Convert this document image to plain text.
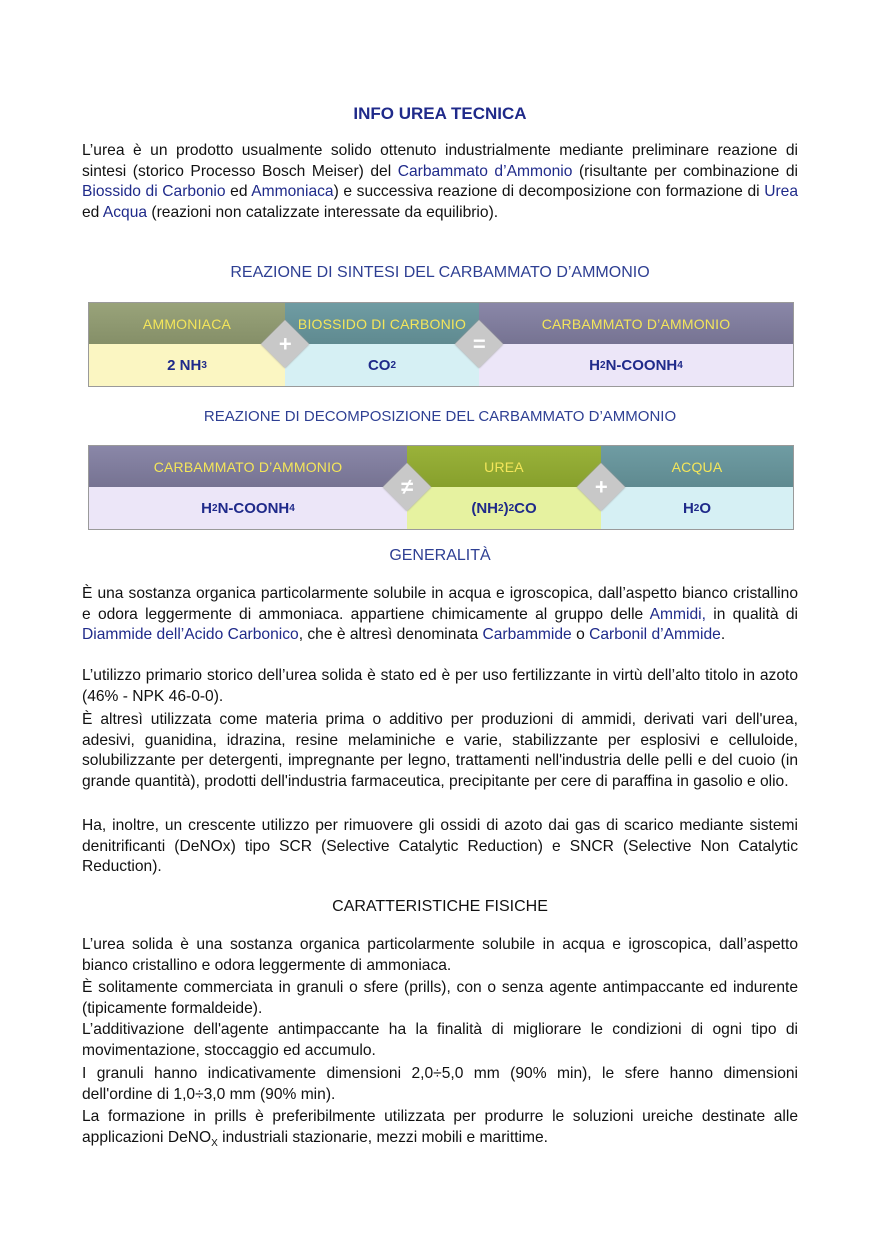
INFO UREA TECNICA

L’urea è un prodotto usualmente solido ottenuto industrialmente mediante preliminare reazione di sintesi (storico Processo Bosch Meiser) del Carbammato d’Ammonio (risultante per combinazione di Biossido di Carbonio ed Ammoniaca) e successiva reazione di decomposizione con formazione di Urea ed Acqua (reazioni non catalizzate interessate da equilibrio).

REAZIONE DI SINTESI DEL CARBAMMATO D’AMMONIO
AMMONIACA
2 NH 3
BIOSSIDO DI CARBONIO
CO 2
CARBAMMATO D’AMMONIO
H 2 N-COONH 4
+	=
REAZIONE DI DECOMPOSIZIONE DEL CARBAMMATO D’AMMONIO
CARBAMMATO D’AMMONIO
H 2 N-COONH 4
UREA
(NH 2 ) 2 CO
ACQUA
H 2 O
≠	+
GENERALITÀ

È una sostanza organica particolarmente solubile in acqua e igroscopica, dall’aspetto bianco cristallino e odora leggermente di ammoniaca. appartiene chimicamente al gruppo delle Ammidi, in qualità di Diammide dell’Acido Carbonico, che è altresì denominata Carbammide o Carbonil d’Ammide.

L’utilizzo primario storico dell’urea solida è stato ed è per uso fertilizzante in virtù dell’alto titolo in azoto (46% - NPK 46-0-0).

È altresì utilizzata come materia prima o additivo per produzioni di ammidi, derivati vari dell'urea, adesivi, guanidina, idrazina, resine melaminiche e varie, stabilizzante per esplosivi e celluloide, solubilizzante per detergenti, impregnante per legno, trattamenti nell'industria delle pelli e del cuoio (in grande quantità), prodotti dell'industria farmaceutica, precipitante per cere di paraffina in gasolio e olio.

Ha, inoltre, un crescente utilizzo per rimuovere gli ossidi di azoto dai gas di scarico mediante sistemi denitrificanti (DeNOx) tipo SCR (Selective Catalytic Reduction) e SNCR (Selective Non Catalytic Reduction).

CARATTERISTICHE FISICHE

L’urea solida è una sostanza organica particolarmente solubile in acqua e igroscopica, dall’aspetto bianco cristallino e odora leggermente di ammoniaca.

È solitamente commerciata in granuli o sfere (prills), con o senza agente antimpaccante ed indurente (tipicamente formaldeide).

L’additivazione dell'agente antimpaccante ha la finalità di migliorare le condizioni di ogni tipo di movimentazione, stoccaggio ed accumulo.

I granuli hanno indicativamente dimensioni 2,0÷5,0 mm (90% min), le sfere hanno dimensioni dell'ordine di 1,0÷3,0 mm (90% min).

La formazione in prills è preferibilmente utilizzata per produrre le soluzioni ureiche destinate alle applicazioni DeNO$_X$ industriali stazionarie, mezzi mobili e marittime.
